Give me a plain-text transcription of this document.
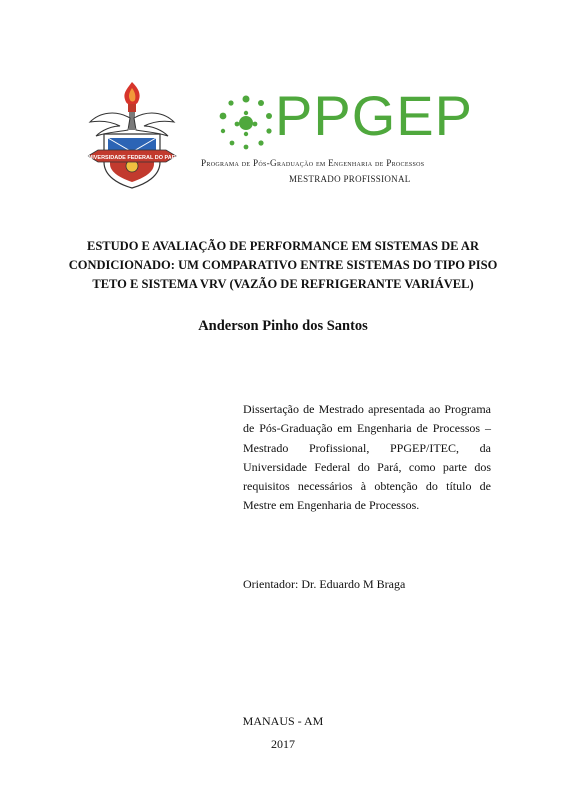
UNIVERSIDADE FEDERAL DO PARÁ
PPGEP
Programa de Pós-Graduação em Engenharia de Processos
MESTRADO PROFISSIONAL
ESTUDO E AVALIAÇÃO DE PERFORMANCE EM SISTEMAS DE AR CONDICIONADO: UM COMPARATIVO ENTRE SISTEMAS DO TIPO PISO TETO E SISTEMA VRV (VAZÃO DE REFRIGERANTE VARIÁVEL)
Anderson Pinho dos Santos
Dissertação de Mestrado apresentada ao Programa de Pós-Graduação em Engenharia de Processos – Mestrado Profissional, PPGEP/ITEC, da Universidade Federal do Pará, como parte dos requisitos necessários à obtenção do título de Mestre em Engenharia de Processos.
Orientador: Dr. Eduardo M Braga
MANAUS - AM
2017
